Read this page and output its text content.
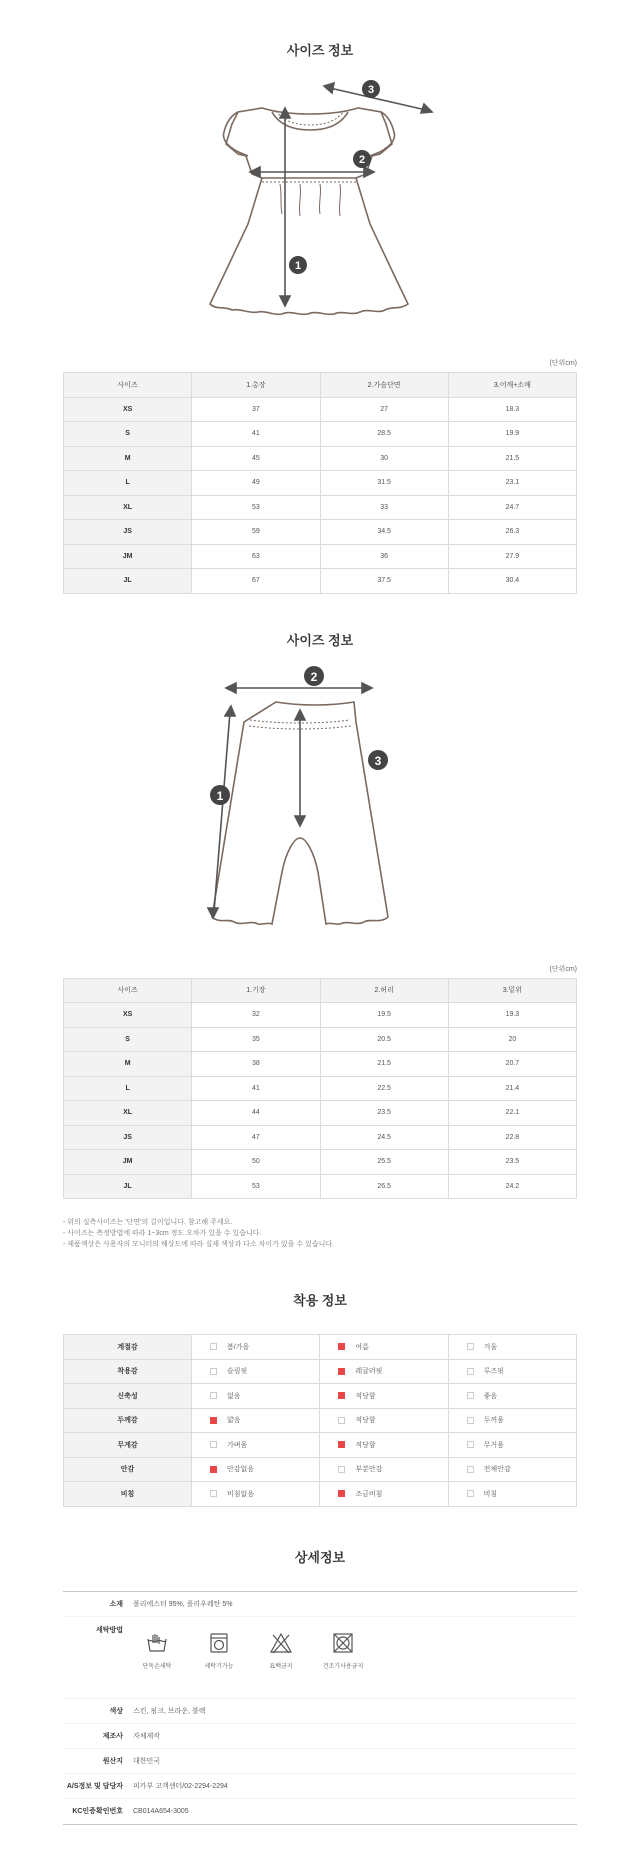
사이즈 정보
1
2
3
(단위cm)
사이즈	1.총장	2.가슴단면	3.어깨+소매
XS	37	27	18.3
S	41	28.5	19.9
M	45	30	21.5
L	49	31.5	23.1
XL	53	33	24.7
JS	59	34.5	26.3
JM	63	36	27.9
JL	67	37.5	30.4
사이즈 정보
2
1
3
(단위cm)
사이즈	1.기장	2.허리	3.밑위
XS	32	19.5	19.3
S	35	20.5	20
M	38	21.5	20.7
L	41	22.5	21.4
XL	44	23.5	22.1
JS	47	24.5	22.8
JM	50	25.5	23.5
JL	53	26.5	24.2
- 위의 실측사이즈는 '단면'의 길이입니다. 참고해 주세요.
- 사이즈는 측정방법에 따라 1~3cm 정도 오차가 있을 수 있습니다.
- 제품색상은 사용자의 모니터의 해상도에 따라 실제 색상과 다소 차이가 있을 수 있습니다.
착용 정보
계절감	봄/가을	여름	겨울
착용감	슬림핏	레귤러핏	루즈핏
신축성	없음	적당함	좋음
두께감	얇음	적당함	두꺼움
무게감	가벼움	적당함	무거움
안감	안감없음	부분안감	전체안감
비침	비침없음	조금비침	비침
상세정보
소재	폴리에스터 95%, 폴리우레탄 5%
세탁방법
단독손세탁	세탁기가능	표백금지	건조기사용금지
색상	스킨, 핑크, 브라운, 블랙
제조사	자체제작
원산지	대한민국
A/S정보 및 담당자	피카부 고객센터/02-2294-2294
KC인증확인번호	CB014A654-3005
